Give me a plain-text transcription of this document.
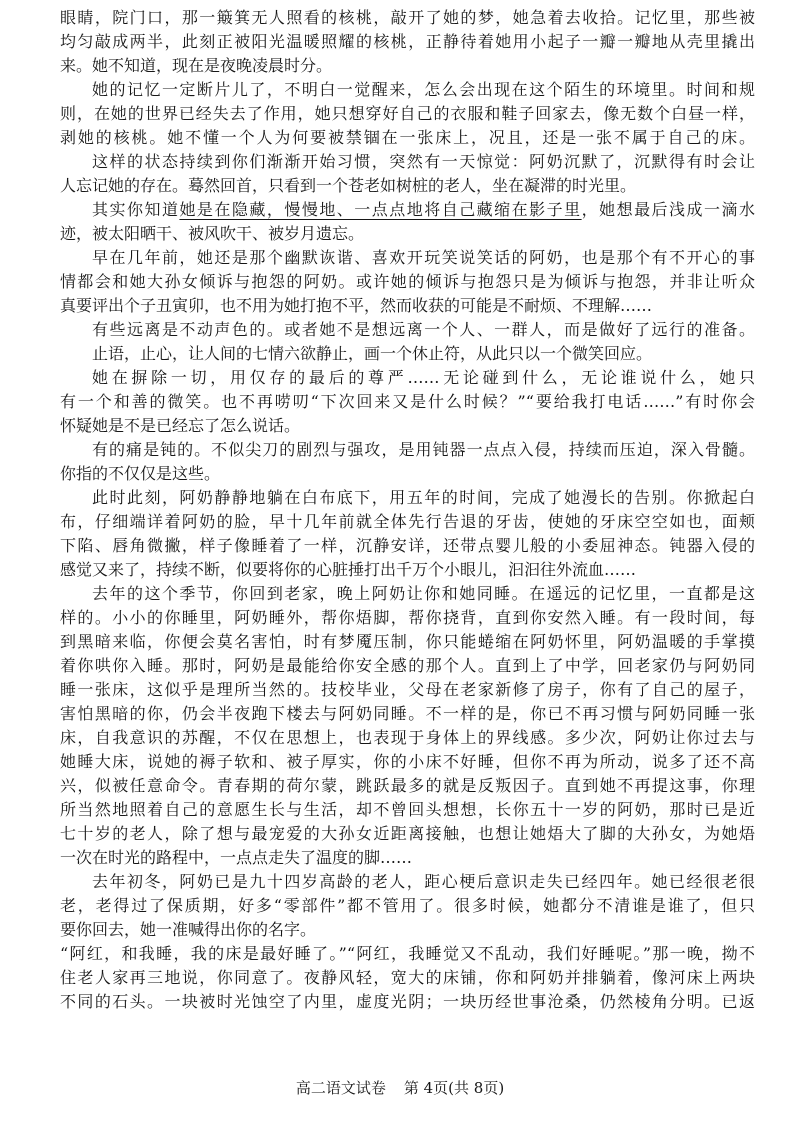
眼睛，院门口，那一簸箕无人照看的核桃，敲开了她的梦，她急着去收拾。记忆里，那些被
均匀敲成两半，此刻正被阳光温暖照耀的核桃，正静待着她用小起子一瓣一瓣地从壳里撬出
来。她不知道，现在是夜晚凌晨时分。
她的记忆一定断片儿了，不明白一觉醒来，怎么会出现在这个陌生的环境里。时间和规
则，在她的世界已经失去了作用，她只想穿好自己的衣服和鞋子回家去，像无数个白昼一样，
剥她的核桃。她不懂一个人为何要被禁锢在一张床上，况且，还是一张不属于自己的床。
这样的状态持续到你们渐渐开始习惯，突然有一天惊觉：阿奶沉默了，沉默得有时会让
人忘记她的存在。蓦然回首，只看到一个苍老如树桩的老人，坐在凝滞的时光里。
其实你知道她是在隐藏，慢慢地、一点点地将自己藏缩在影子里，她想最后浅成一滴水
迹，被太阳晒干、被风吹干、被岁月遗忘。
早在几年前，她还是那个幽默诙谐、喜欢开玩笑说笑话的阿奶，也是那个有不开心的事
情都会和她大孙女倾诉与抱怨的阿奶。或许她的倾诉与抱怨只是为倾诉与抱怨，并非让听众
真要评出个子丑寅卯，也不用为她打抱不平，然而收获的可能是不耐烦、不理解……
有些远离是不动声色的。或者她不是想远离一个人、一群人，而是做好了远行的准备。
止语，止心，让人间的七情六欲静止，画一个休止符，从此只以一个微笑回应。
她在摒除一切，用仅存的最后的尊严……无论碰到什么，无论谁说什么，她只
有一个和善的微笑。也不再唠叨“下次回来又是什么时候？”“要给我打电话……”有时你会
怀疑她是不是已经忘了怎么说话。
有的痛是钝的。不似尖刀的剧烈与强攻，是用钝器一点点入侵，持续而压迫，深入骨髓。
你指的不仅仅是这些。
此时此刻，阿奶静静地躺在白布底下，用五年的时间，完成了她漫长的告别。你掀起白
布，仔细端详着阿奶的脸，早十几年前就全体先行告退的牙齿，使她的牙床空空如也，面颊
下陷、唇角微撇，样子像睡着了一样，沉静安详，还带点婴儿般的小委屈神态。钝器入侵的
感觉又来了，持续不断，似要将你的心脏捶打出千万个小眼儿，汩汩往外流血……
去年的这个季节，你回到老家，晚上阿奶让你和她同睡。在遥远的记忆里，一直都是这
样的。小小的你睡里，阿奶睡外，帮你焐脚，帮你挠背，直到你安然入睡。有一段时间，每
到黑暗来临，你便会莫名害怕，时有梦魇压制，你只能蜷缩在阿奶怀里，阿奶温暖的手掌摸
着你哄你入睡。那时，阿奶是最能给你安全感的那个人。直到上了中学，回老家仍与阿奶同
睡一张床，这似乎是理所当然的。技校毕业，父母在老家新修了房子，你有了自己的屋子，
害怕黑暗的你，仍会半夜跑下楼去与阿奶同睡。不一样的是，你已不再习惯与阿奶同睡一张
床，自我意识的苏醒，不仅在思想上，也表现于身体上的界线感。多少次，阿奶让你过去与
她睡大床，说她的褥子软和、被子厚实，你的小床不好睡，但你不再为所动，说多了还不高
兴，似被任意命令。青春期的荷尔蒙，跳跃最多的就是反叛因子。直到她不再提这事，你理
所当然地照着自己的意愿生长与生活，却不曾回头想想，长你五十一岁的阿奶，那时已是近
七十岁的老人，除了想与最宠爱的大孙女近距离接触，也想让她焐大了脚的大孙女，为她焐
一次在时光的路程中，一点点走失了温度的脚……
去年初冬，阿奶已是九十四岁高龄的老人，距心梗后意识走失已经四年。她已经很老很
老，老得过了保质期，好多“零部件”都不管用了。很多时候，她都分不清谁是谁了，但只
要你回去，她一准喊得出你的名字。
“阿红，和我睡，我的床是最好睡了。”“阿红，我睡觉又不乱动，我们好睡呢。”那一晚，拗不
住老人家再三地说，你同意了。夜静风轻，宽大的床铺，你和阿奶并排躺着，像河床上两块
不同的石头。一块被时光蚀空了内里，虚度光阴；一块历经世事沧桑，仍然棱角分明。已返
高二语文试卷 第 4页(共 8页)
